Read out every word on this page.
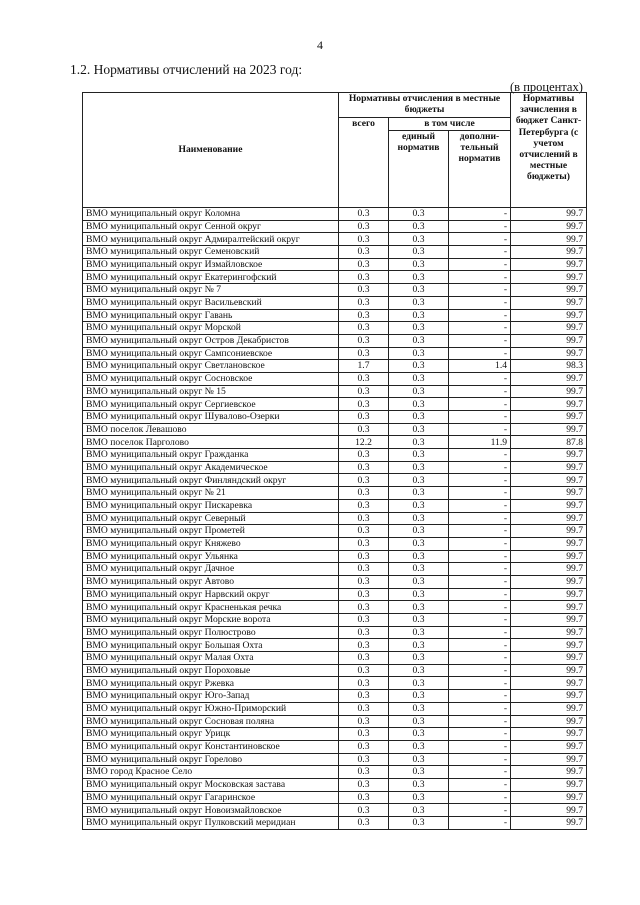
4
1.2. Нормативы отчислений на 2023 год:
(в процентах)
Наименование	Нормативы отчисления в местные бюджеты			Нормативы зачисления в бюджет Санкт-Петербурга (с учетом отчислений в местные бюджеты)
	всего	в том числе		
		единый норматив	дополни-тельный норматив	

ВМО муниципальный округ Коломна	0.3	0.3	-	99.7
ВМО муниципальный округ Сенной округ	0.3	0.3	-	99.7
ВМО муниципальный округ Адмиралтейский округ	0.3	0.3	-	99.7
ВМО муниципальный округ Семеновский	0.3	0.3	-	99.7
ВМО муниципальный округ Измайловское	0.3	0.3	-	99.7
ВМО муниципальный округ Екатерингофский	0.3	0.3	-	99.7
ВМО муниципальный округ № 7	0.3	0.3	-	99.7
ВМО муниципальный округ Васильевский	0.3	0.3	-	99.7
ВМО муниципальный округ Гавань	0.3	0.3	-	99.7
ВМО муниципальный округ Морской	0.3	0.3	-	99.7
ВМО муниципальный округ Остров Декабристов	0.3	0.3	-	99.7
ВМО муниципальный округ Сампсониевское	0.3	0.3	-	99.7
ВМО муниципальный округ Светлановское	1.7	0.3	1.4	98.3
ВМО муниципальный округ Сосновское	0.3	0.3	-	99.7
ВМО муниципальный округ № 15	0.3	0.3	-	99.7
ВМО муниципальный округ Сергиевское	0.3	0.3	-	99.7
ВМО муниципальный округ Шувалово-Озерки	0.3	0.3	-	99.7
ВМО поселок Левашово	0.3	0.3	-	99.7
ВМО поселок Парголово	12.2	0.3	11.9	87.8
ВМО муниципальный округ Гражданка	0.3	0.3	-	99.7
ВМО муниципальный округ Академическое	0.3	0.3	-	99.7
ВМО муниципальный округ Финляндский округ	0.3	0.3	-	99.7
ВМО муниципальный округ № 21	0.3	0.3	-	99.7
ВМО муниципальный округ Пискаревка	0.3	0.3	-	99.7
ВМО муниципальный округ Северный	0.3	0.3	-	99.7
ВМО муниципальный округ Прометей	0.3	0.3	-	99.7
ВМО муниципальный округ Княжево	0.3	0.3	-	99.7
ВМО муниципальный округ Ульянка	0.3	0.3	-	99.7
ВМО муниципальный округ Дачное	0.3	0.3	-	99.7
ВМО муниципальный округ Автово	0.3	0.3	-	99.7
ВМО муниципальный округ Нарвский округ	0.3	0.3	-	99.7
ВМО муниципальный округ Красненькая речка	0.3	0.3	-	99.7
ВМО муниципальный округ Морские ворота	0.3	0.3	-	99.7
ВМО муниципальный округ Полюстрово	0.3	0.3	-	99.7
ВМО муниципальный округ Большая Охта	0.3	0.3	-	99.7
ВМО муниципальный округ Малая Охта	0.3	0.3	-	99.7
ВМО муниципальный округ Пороховые	0.3	0.3	-	99.7
ВМО муниципальный округ Ржевка	0.3	0.3	-	99.7
ВМО муниципальный округ Юго-Запад	0.3	0.3	-	99.7
ВМО муниципальный округ Южно-Приморский	0.3	0.3	-	99.7
ВМО муниципальный округ Сосновая поляна	0.3	0.3	-	99.7
ВМО муниципальный округ Урицк	0.3	0.3	-	99.7
ВМО муниципальный округ Константиновское	0.3	0.3	-	99.7
ВМО муниципальный округ Горелово	0.3	0.3	-	99.7
ВМО город Красное Село	0.3	0.3	-	99.7
ВМО муниципальный округ Московская застава	0.3	0.3	-	99.7
ВМО муниципальный округ Гагаринское	0.3	0.3	-	99.7
ВМО муниципальный округ Новоизмайловское	0.3	0.3	-	99.7
ВМО муниципальный округ Пулковский меридиан	0.3	0.3	-	99.7
